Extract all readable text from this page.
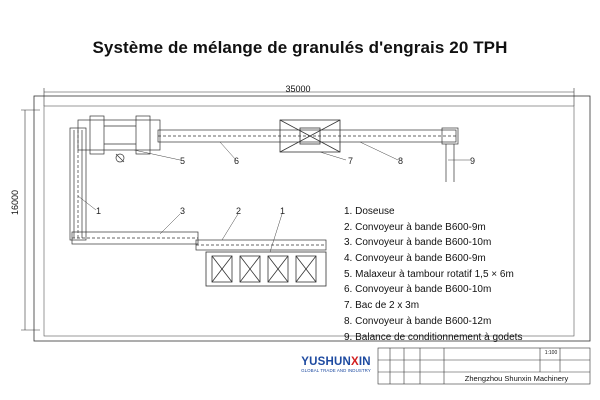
Système de mélange de granulés d'engrais 20 TPH
1
5	6	7	8	9
3	2	1
35000
16000	1. Doseuse
2. Convoyeur à bande B600-9m
3. Convoyeur à bande B600-10m
4. Convoyeur à bande B600-9m
5. Malaxeur à tambour rotatif 1,5 × 6m
6. Convoyeur à bande B600-10m
7. Bac de 2 x 3m
8. Convoyeur à bande B600-12m
9. Balance de conditionnement à godets
YUSHUNXIN
GLOBAL TRADE AND INDUSTRY
1:100
Zhengzhou Shunxin Machinery
